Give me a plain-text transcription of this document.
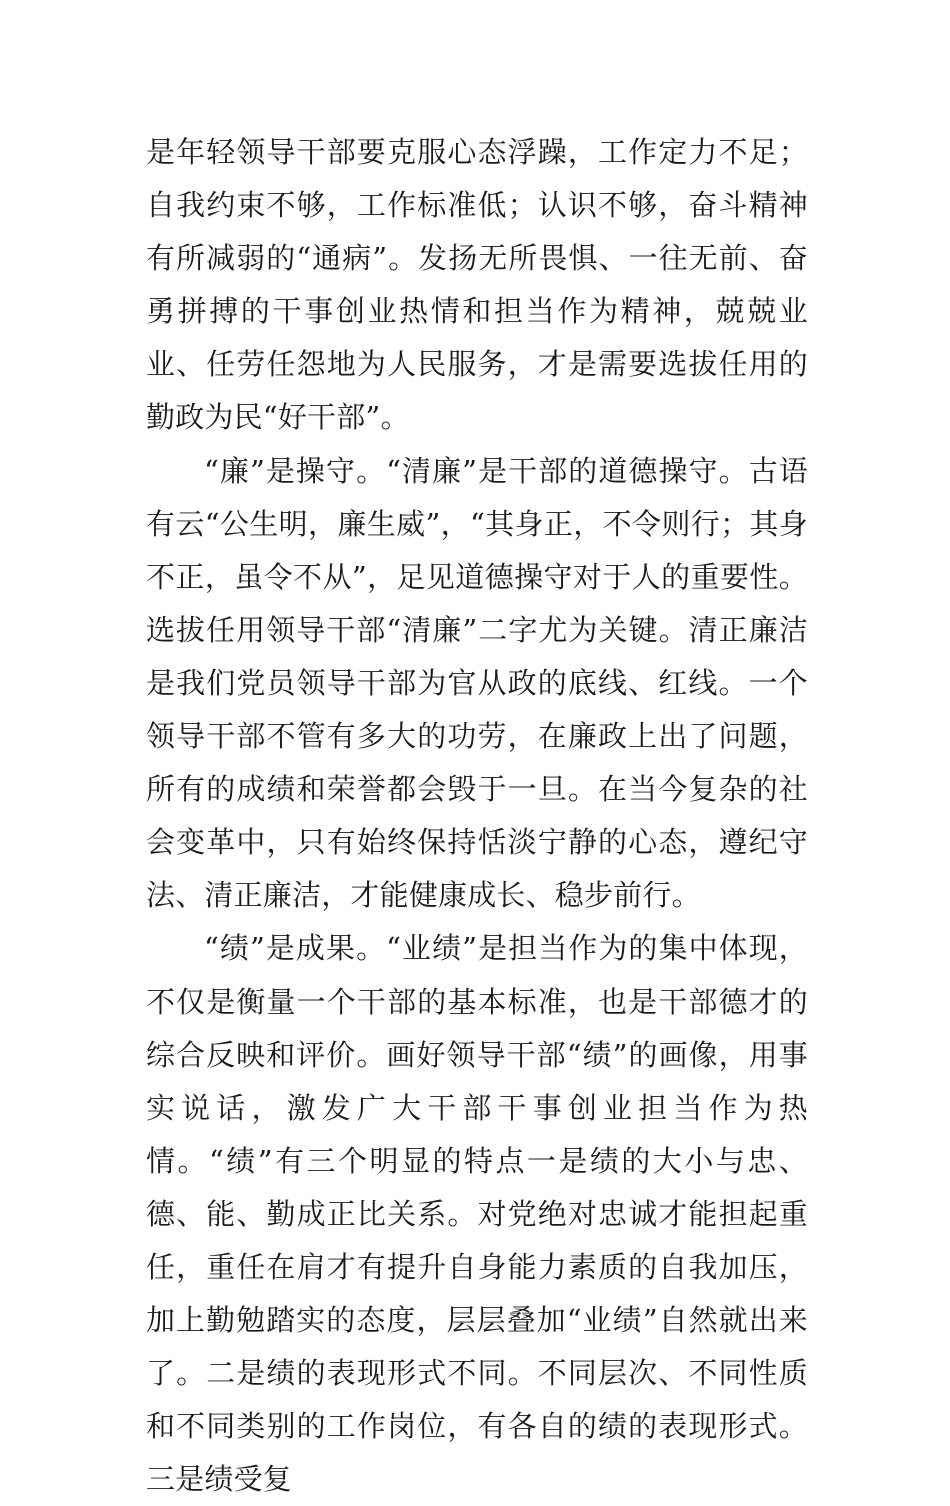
是年轻领导干部要克服心态浮躁，工作定力不足；自我约束不够，工作标准低；认识不够，奋斗精神有所减弱的“通病”。发扬无所畏惧、一往无前、奋勇拼搏的干事创业热情和担当作为精神，兢兢业业、任劳任怨地为人民服务，才是需要选拔任用的勤政为民“好干部”。

“廉”是操守。“清廉”是干部的道德操守。古语有云“公生明，廉生威”，“其身正，不令则行；其身不正，虽令不从”，足见道德操守对于人的重要性。选拔任用领导干部“清廉”二字尤为关键。清正廉洁是我们党员领导干部为官从政的底线、红线。一个领导干部不管有多大的功劳，在廉政上出了问题，所有的成绩和荣誉都会毁于一旦。在当今复杂的社会变革中，只有始终保持恬淡宁静的心态，遵纪守法、清正廉洁，才能健康成长、稳步前行。

“绩”是成果。“业绩”是担当作为的集中体现，不仅是衡量一个干部的基本标准，也是干部德才的综合反映和评价。画好领导干部“绩”的画像，用事实说话，激发广大干部干事创业担当作为热情。“绩”有三个明显的特点一是绩的大小与忠、德、能、勤成正比关系。对党绝对忠诚才能担起重任，重任在肩才有提升自身能力素质的自我加压，加上勤勉踏实的态度，层层叠加“业绩”自然就出来了。二是绩的表现形式不同。不同层次、不同性质和不同类别的工作岗位，有各自的绩的表现形式。三是绩受复
